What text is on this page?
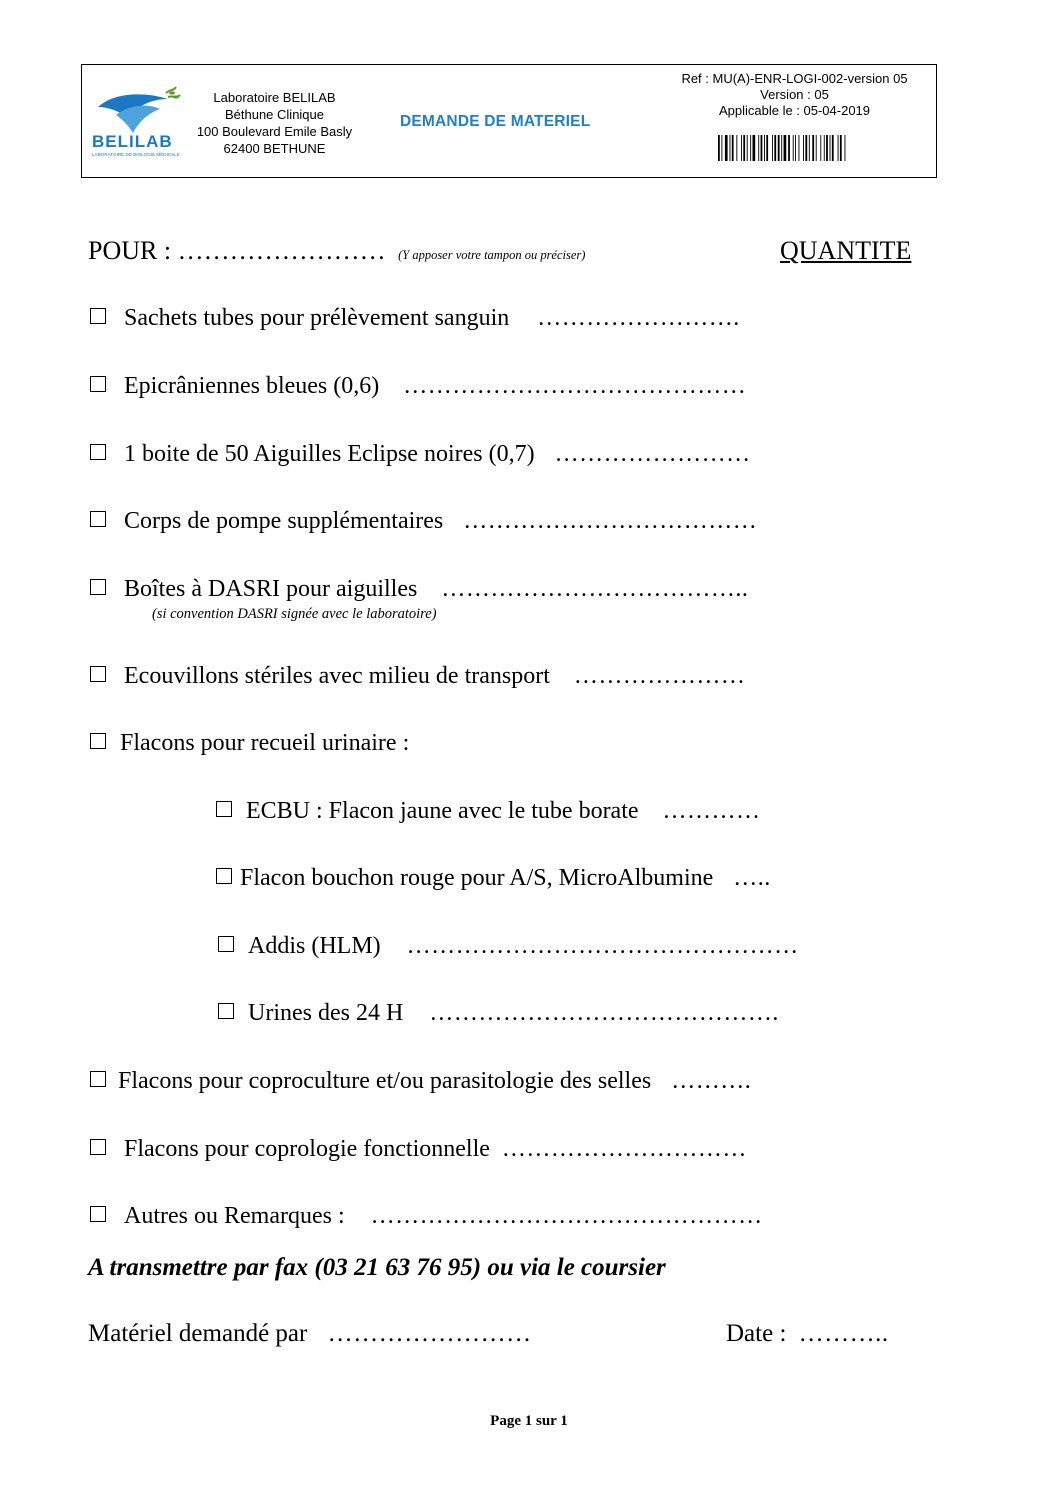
BELILAB
LABORATOIRE DE BIOLOGIE MÉDICALE
Laboratoire BELILAB
Béthune Clinique
100 Boulevard Emile Basly
62400 BETHUNE
DEMANDE DE MATERIEL
Ref : MU(A)-ENR-LOGI-002-version 05
Version : 05
Applicable le : 05-04-2019
POUR : …………………… (Y apposer votre tampon ou préciser)	QUANTITE
Sachets tubes pour prélèvement sanguin …………………….
Epicrâniennes bleues (0,6) ……………………………………
1 boite de 50 Aiguilles Eclipse noires (0,7) ……………………
Corps de pompe supplémentaires ………………………………
Boîtes à DASRI pour aiguilles ………………………………..
(si convention DASRI signée avec le laboratoire)
Ecouvillons stériles avec milieu de transport …………………
Flacons pour recueil urinaire :
ECBU : Flacon jaune avec le tube borate …………
Flacon bouchon rouge pour A/S, MicroAlbumine …..
Addis (HLM) …………………………………………
Urines des 24 H …………………………………….
Flacons pour coproculture et/ou parasitologie des selles ……….
Flacons pour coprologie fonctionnelle …………………………
Autres ou Remarques : …………………………………………
A transmettre par fax (03 21 63 76 95) ou via le coursier
Matériel demandé par ……………………	Date : ………..
Page 1 sur 1
